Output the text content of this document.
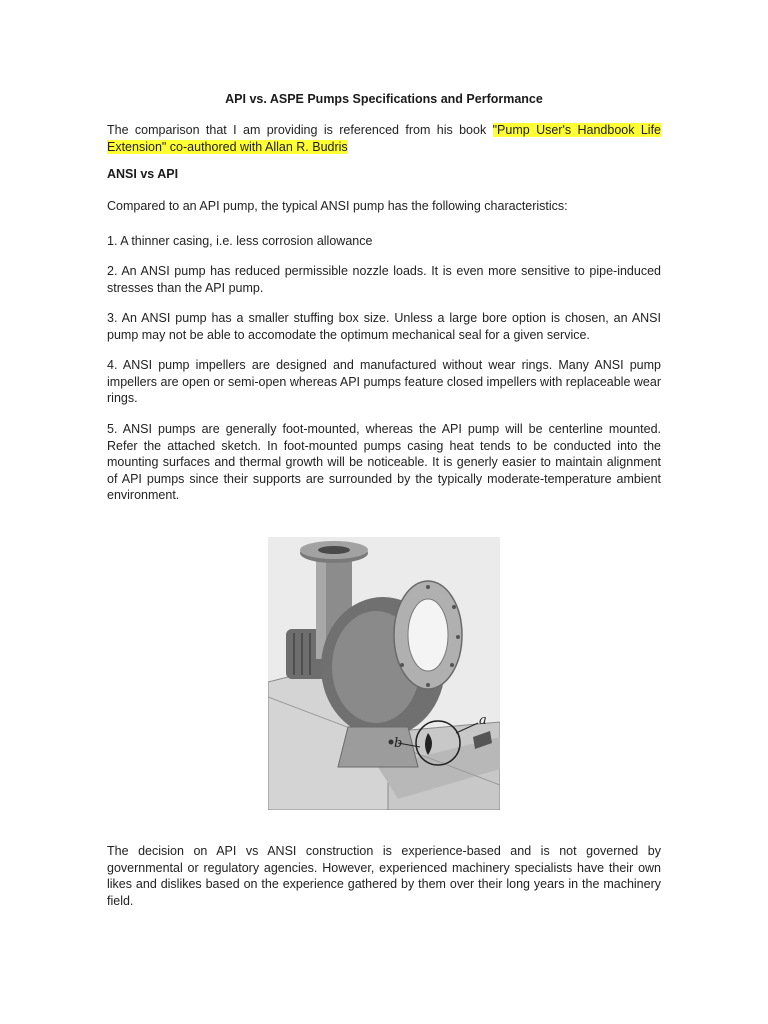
API vs. ASPE Pumps Specifications and Performance
The comparison that I am providing is referenced from his book "Pump User's Handbook Life Extension" co-authored with Allan R. Budris
ANSI vs API
Compared to an API pump, the typical ANSI pump has the following characteristics:
1. A thinner casing, i.e. less corrosion allowance
2. An ANSI pump has reduced permissible nozzle loads. It is even more sensitive to pipe-induced stresses than the API pump.
3. An ANSI pump has a smaller stuffing box size. Unless a large bore option is chosen, an ANSI pump may not be able to accomodate the optimum mechanical seal for a given service.
4. ANSI pump impellers are designed and manufactured without wear rings. Many ANSI pump impellers are open or semi-open whereas API pumps feature closed impellers with replaceable wear rings.
5. ANSI pumps are generally foot-mounted, whereas the API pump will be centerline mounted. Refer the attached sketch. In foot-mounted pumps casing heat tends to be conducted into the mounting surfaces and thermal growth will be noticeable. It is generly easier to maintain alignment of API pumps since their supports are surrounded by the typically moderate-temperature ambient environment.
a
b
The decision on API vs ANSI construction is experience-based and is not governed by governmental or regulatory agencies. However, experienced machinery specialists have their own likes and dislikes based on the experience gathered by them over their long years in the machinery field.
